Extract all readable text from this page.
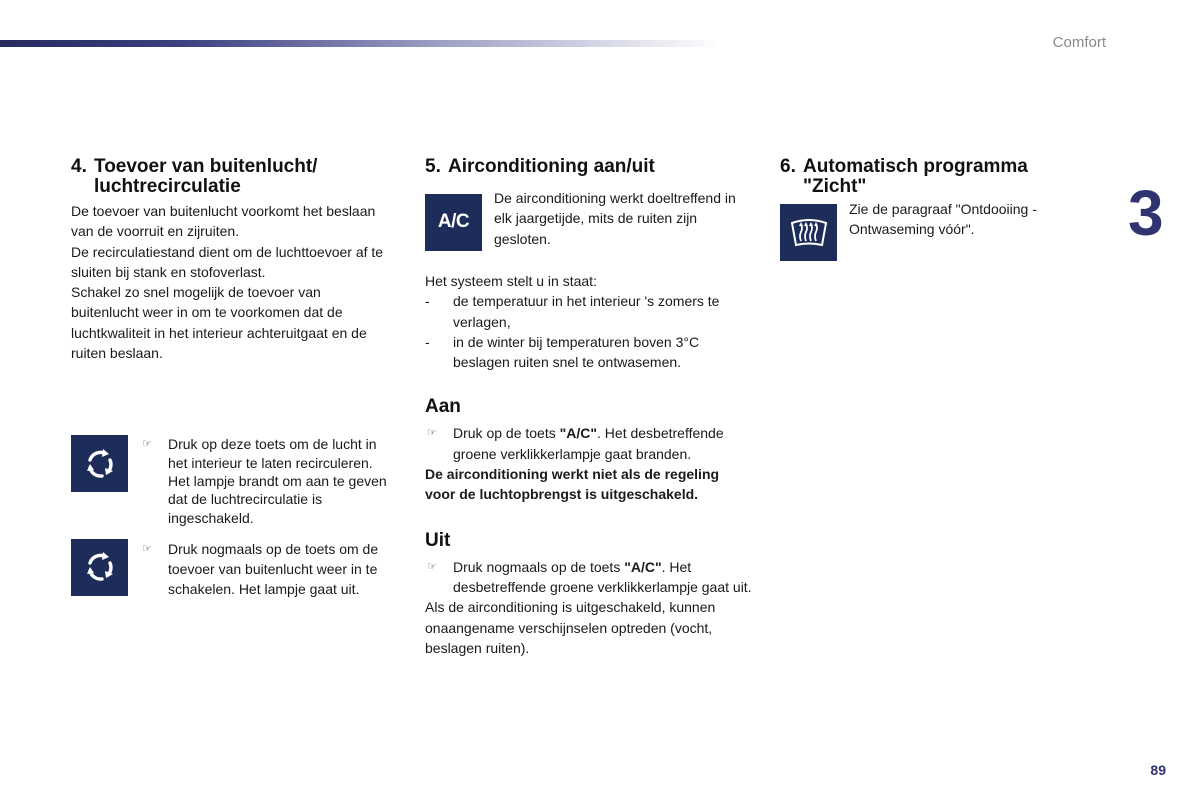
Comfort
3
89
4. Toevoer van buitenlucht/
luchtrecirculatie

De toevoer van buitenlucht voorkomt het beslaan van de voorruit en zijruiten.

De recirculatiestand dient om de luchttoevoer af te sluiten bij stank en stofoverlast.

Schakel zo snel mogelijk de toevoer van buitenlucht weer in om te voorkomen dat de luchtkwaliteit in het interieur achteruitgaat en de ruiten beslaan.

☞ Druk op deze toets om de lucht in het interieur te laten recirculeren. Het lampje brandt om aan te geven dat de luchtrecirculatie is ingeschakeld.
☞ Druk nogmaals op de toets om de toevoer van buitenlucht weer in te schakelen. Het lampje gaat uit.
5. Airconditioning aan/uit
A/C

De airconditioning werkt doeltreffend in elk jaargetijde, mits de ruiten zijn gesloten.

Het systeem stelt u in staat:

- de temperatuur in het interieur 's zomers te verlagen,
- in de winter bij temperaturen boven 3°C beslagen ruiten snel te ontwasemen.
Aan
☞ Druk op de toets "A/C". Het desbetreffende groene verklikkerlampje gaat branden.

De airconditioning werkt niet als de regeling voor de luchtopbrengst is uitgeschakeld.

Uit
☞ Druk nogmaals op de toets "A/C". Het desbetreffende groene verklikkerlampje gaat uit.

Als de airconditioning is uitgeschakeld, kunnen onaangename verschijnselen optreden (vocht, beslagen ruiten).

6. Automatisch programma
"Zicht"

Zie de paragraaf "Ontdooiing - Ontwaseming vóór".
